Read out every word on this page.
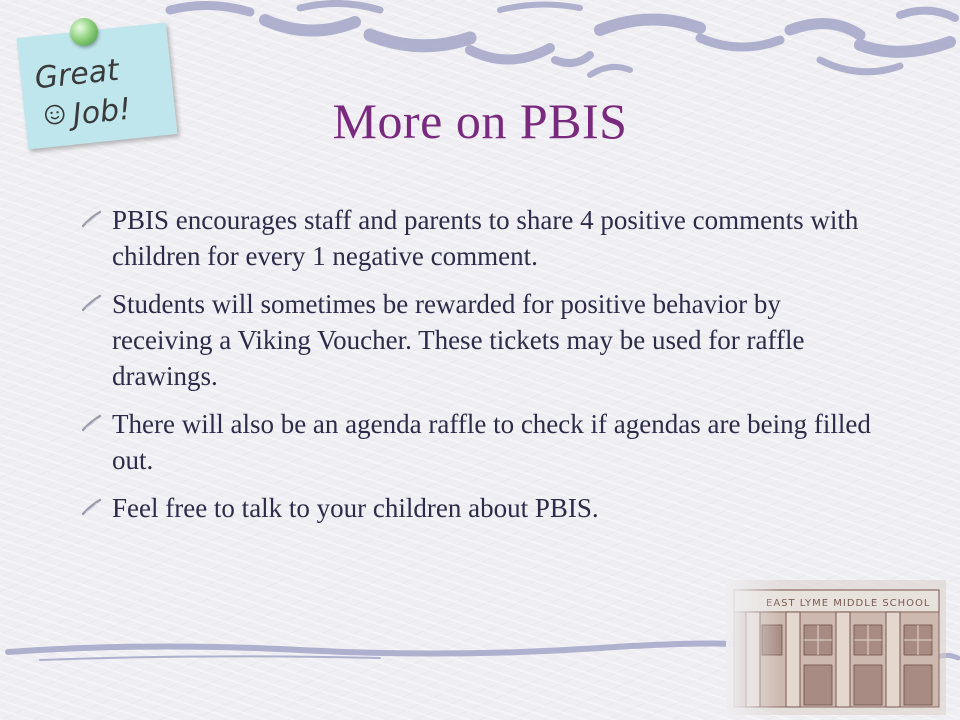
Great
Job!	More on PBIS
PBIS encourages staff and parents to share 4 positive comments with children for every 1 negative comment.
Students will sometimes be rewarded for positive behavior by receiving a Viking Voucher. These tickets may be used for raffle drawings.
There will also be an agenda raffle to check if agendas are being filled out.
Feel free to talk to your children about PBIS.
